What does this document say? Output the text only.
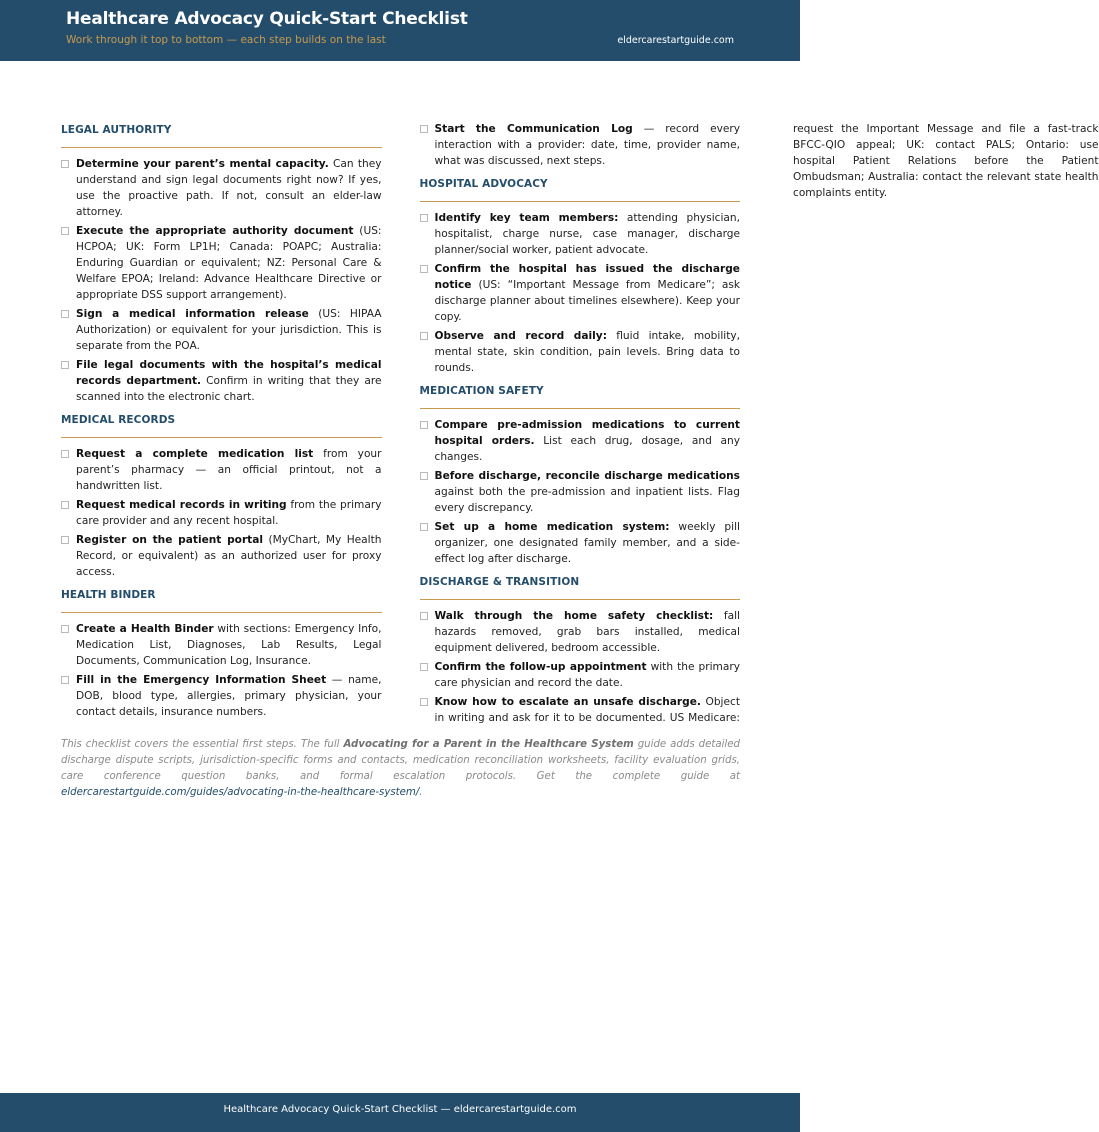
Healthcare Advocacy Quick-Start Checklist
Work through it top to bottom — each step builds on the last	eldercarestartguide.com
LEGAL AUTHORITY
Determine your parent’s mental capacity. Can they understand and sign legal documents right now? If yes, use the proactive path. If not, consult an elder-law attorney.
Execute the appropriate authority document (US: HCPOA; UK: Form LP1H; Canada: POAPC; Australia: Enduring Guardian or equivalent; NZ: Personal Care & Welfare EPOA; Ireland: Advance Healthcare Directive or appropriate DSS support arrangement).
Sign a medical information release (US: HIPAA Authorization) or equivalent for your jurisdiction. This is separate from the POA.
File legal documents with the hospital’s medical records department. Confirm in writing that they are scanned into the electronic chart.
MEDICAL RECORDS
Request a complete medication list from your parent’s pharmacy — an official printout, not a handwritten list.
Request medical records in writing from the primary care provider and any recent hospital.
Register on the patient portal (MyChart, My Health Record, or equivalent) as an authorized user for proxy access.
HEALTH BINDER
Create a Health Binder with sections: Emergency Info, Medication List, Diagnoses, Lab Results, Legal Documents, Communication Log, Insurance.
Fill in the Emergency Information Sheet — name, DOB, blood type, allergies, primary physician, your contact details, insurance numbers.
Start the Communication Log — record every interaction with a provider: date, time, provider name, what was discussed, next steps.
HOSPITAL ADVOCACY
Identify key team members: attending physician, hospitalist, charge nurse, case manager, discharge planner/social worker, patient advocate.
Confirm the hospital has issued the discharge notice (US: “Important Message from Medicare”; ask discharge planner about timelines elsewhere). Keep your copy.
Observe and record daily: fluid intake, mobility, mental state, skin condition, pain levels. Bring data to rounds.
MEDICATION SAFETY
Compare pre-admission medications to current hospital orders. List each drug, dosage, and any changes.
Before discharge, reconcile discharge medications against both the pre-admission and inpatient lists. Flag every discrepancy.
Set up a home medication system: weekly pill organizer, one designated family member, and a side-effect log after discharge.
DISCHARGE & TRANSITION
Walk through the home safety checklist: fall hazards removed, grab bars installed, medical equipment delivered, bedroom accessible.
Confirm the follow-up appointment with the primary care physician and record the date.
Know how to escalate an unsafe discharge. Object in writing and ask for it to be documented. US Medicare: request the Important Message and file a fast-track BFCC-QIO appeal; UK: contact PALS; Ontario: use hospital Patient Relations before the Patient Ombudsman; Australia: contact the relevant state health complaints entity.
This checklist covers the essential first steps. The full Advocating for a Parent in the Healthcare System guide adds detailed discharge dispute scripts, jurisdiction-specific forms and contacts, medication reconciliation worksheets, facility evaluation grids, care conference question banks, and formal escalation protocols. Get the complete guide at eldercarestartguide.com/guides/advocating-in-the-healthcare-system/.
Healthcare Advocacy Quick-Start Checklist — eldercarestartguide.com
